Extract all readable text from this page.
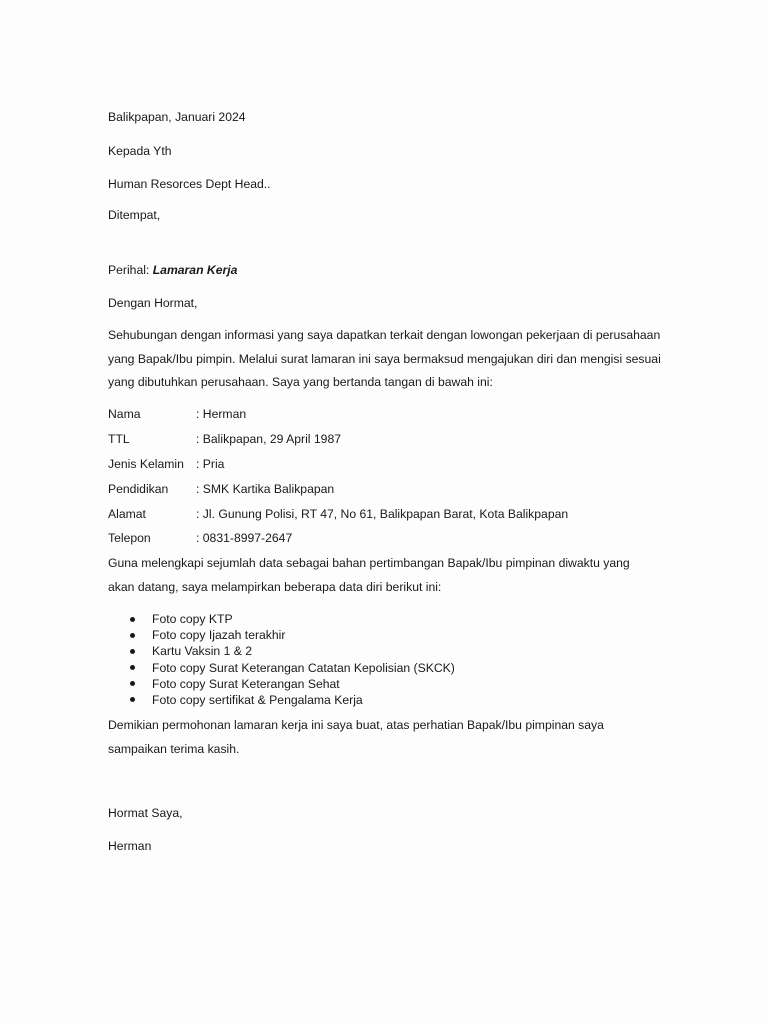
Balikpapan, Januari 2024
Kepada Yth
Human Resorces Dept Head..
Ditempat,
Perihal: Lamaran Kerja
Dengan Hormat,
Sehubungan dengan informasi yang saya dapatkan terkait dengan lowongan pekerjaan di perusahaan
yang Bapak/Ibu pimpin. Melalui surat lamaran ini saya bermaksud mengajukan diri dan mengisi sesuai
yang dibutuhkan perusahaan. Saya yang bertanda tangan di bawah ini:
Nama	: Herman
TTL	: Balikpapan, 29 April 1987
Jenis Kelamin : Pria
Pendidikan : SMK Kartika Balikpapan
Alamat	: Jl. Gunung Polisi, RT 47, No 61, Balikpapan Barat, Kota Balikpapan
Telepon	: 0831-8997-2647
Guna melengkapi sejumlah data sebagai bahan pertimbangan Bapak/Ibu pimpinan diwaktu yang
akan datang, saya melampirkan beberapa data diri berikut ini:
Foto copy KTP
Foto copy Ijazah terakhir
Kartu Vaksin 1 & 2
Foto copy Surat Keterangan Catatan Kepolisian (SKCK)
Foto copy Surat Keterangan Sehat
Foto copy sertifikat & Pengalama Kerja
Demikian permohonan lamaran kerja ini saya buat, atas perhatian Bapak/Ibu pimpinan saya
sampaikan terima kasih.
Hormat Saya,
Herman
